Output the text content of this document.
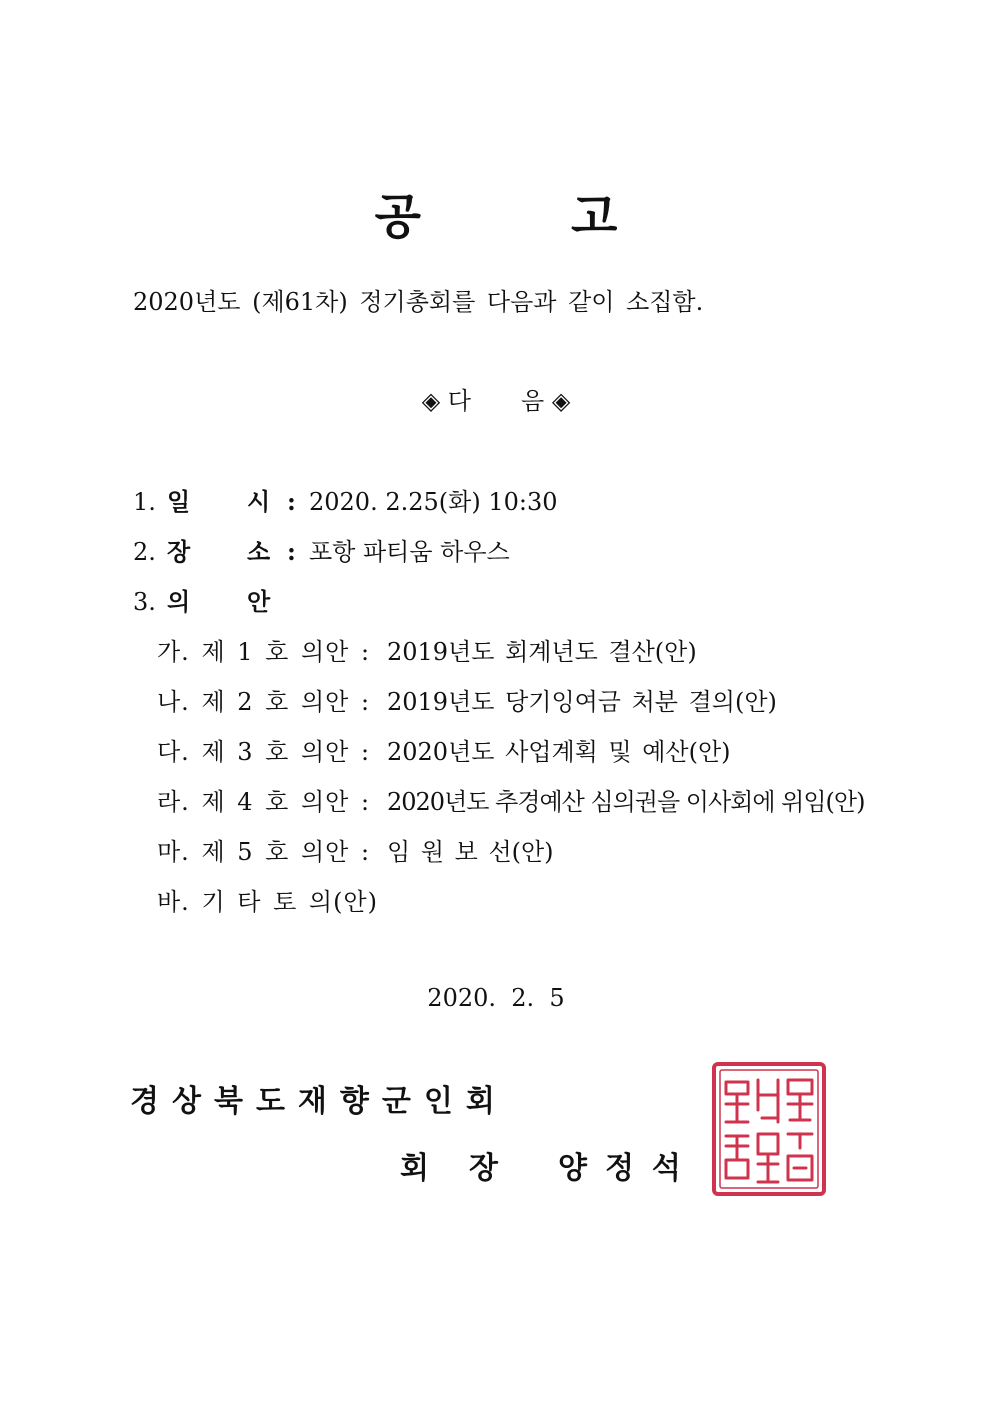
공	고
2020년도 (제61차) 정기총회를 다음과 같이 소집함.
◈ 다 음 ◈
1. 일 시 : 2020. 2.25(화) 10:30
2. 장 소 : 포항 파티움 하우스
3. 의 안
가. 제 1 호 의안 : 2019년도 회계년도 결산(안)
나. 제 2 호 의안 : 2019년도 당기잉여금 처분 결의(안)
다. 제 3 호 의안 : 2020년도 사업계획 및 예산(안)
라. 제 4 호 의안 : 2020년도 추경예산 심의권을 이사회에 위임(안)
마. 제 5 호 의안 : 임 원 보 선(안)
바. 기 타 토 의(안)
2020.  2.  5
경상북도재향군인회
회장 양정석
